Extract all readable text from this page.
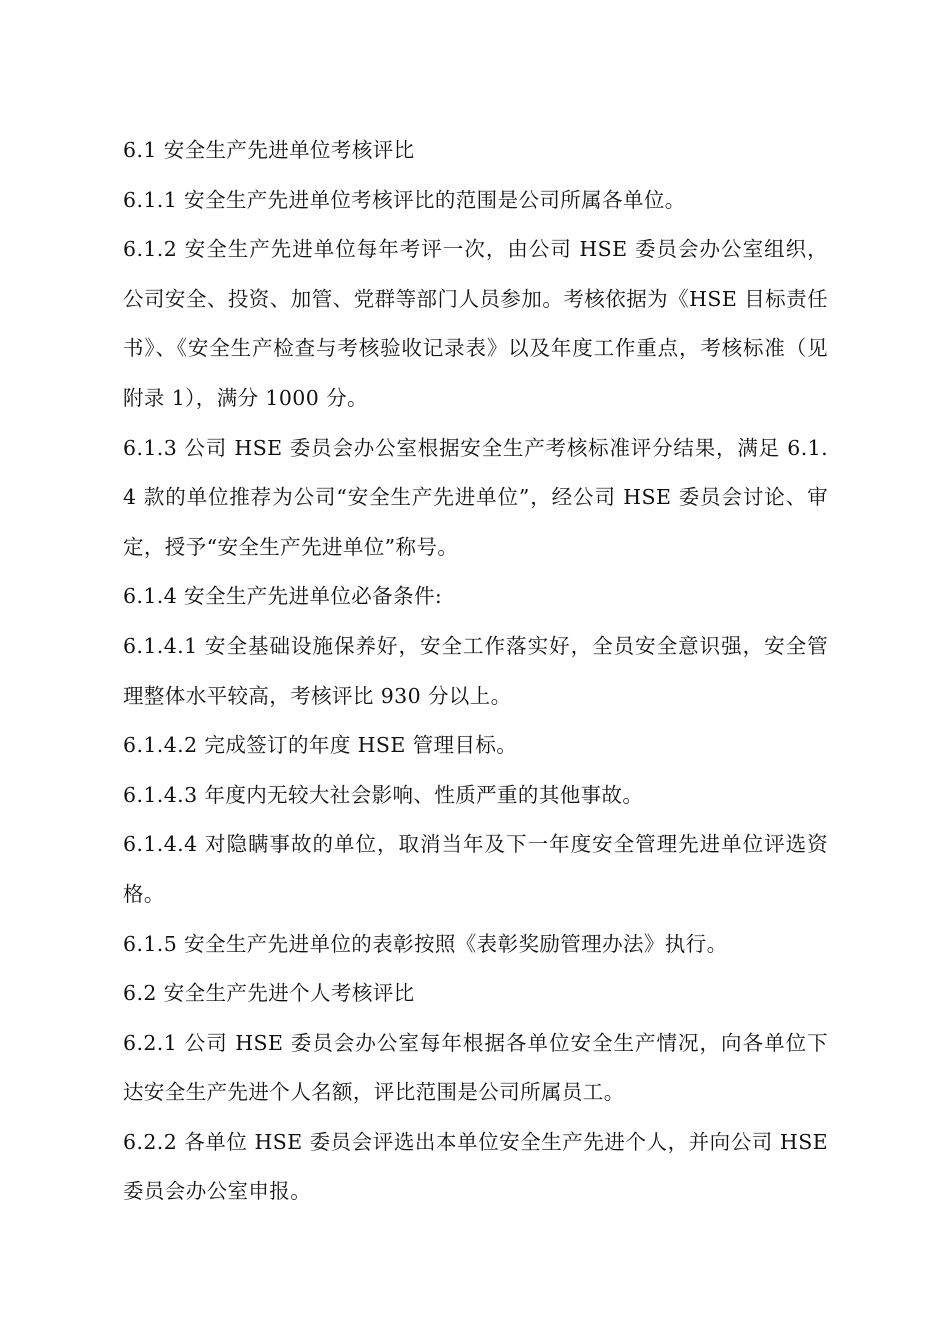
6.1 安全生产先进单位考核评比

6.1.1 安全生产先进单位考核评比的范围是公司所属各单位。

6.1.2 安全生产先进单位每年考评一次，由公司 HSE 委员会办公室组织，公司安全、投资、加管、党群等部门人员参加。考核依据为《HSE 目标责任书》、《安全生产检查与考核验收记录表》以及年度工作重点，考核标准（见附录 1），满分 1000 分。

6.1.3 公司 HSE 委员会办公室根据安全生产考核标准评分结果，满足 6.1.4 款的单位推荐为公司“安全生产先进单位”，经公司 HSE 委员会讨论、审定，授予“安全生产先进单位”称号。

6.1.4 安全生产先进单位必备条件:

6.1.4.1 安全基础设施保养好，安全工作落实好，全员安全意识强，安全管理整体水平较高，考核评比 930 分以上。

6.1.4.2 完成签订的年度 HSE 管理目标。

6.1.4.3 年度内无较大社会影响、性质严重的其他事故。

6.1.4.4 对隐瞒事故的单位，取消当年及下一年度安全管理先进单位评选资格。

6.1.5 安全生产先进单位的表彰按照《表彰奖励管理办法》执行。

6.2 安全生产先进个人考核评比

6.2.1 公司 HSE 委员会办公室每年根据各单位安全生产情况，向各单位下达安全生产先进个人名额，评比范围是公司所属员工。

6.2.2 各单位 HSE 委员会评选出本单位安全生产先进个人，并向公司 HSE 委员会办公室申报。
